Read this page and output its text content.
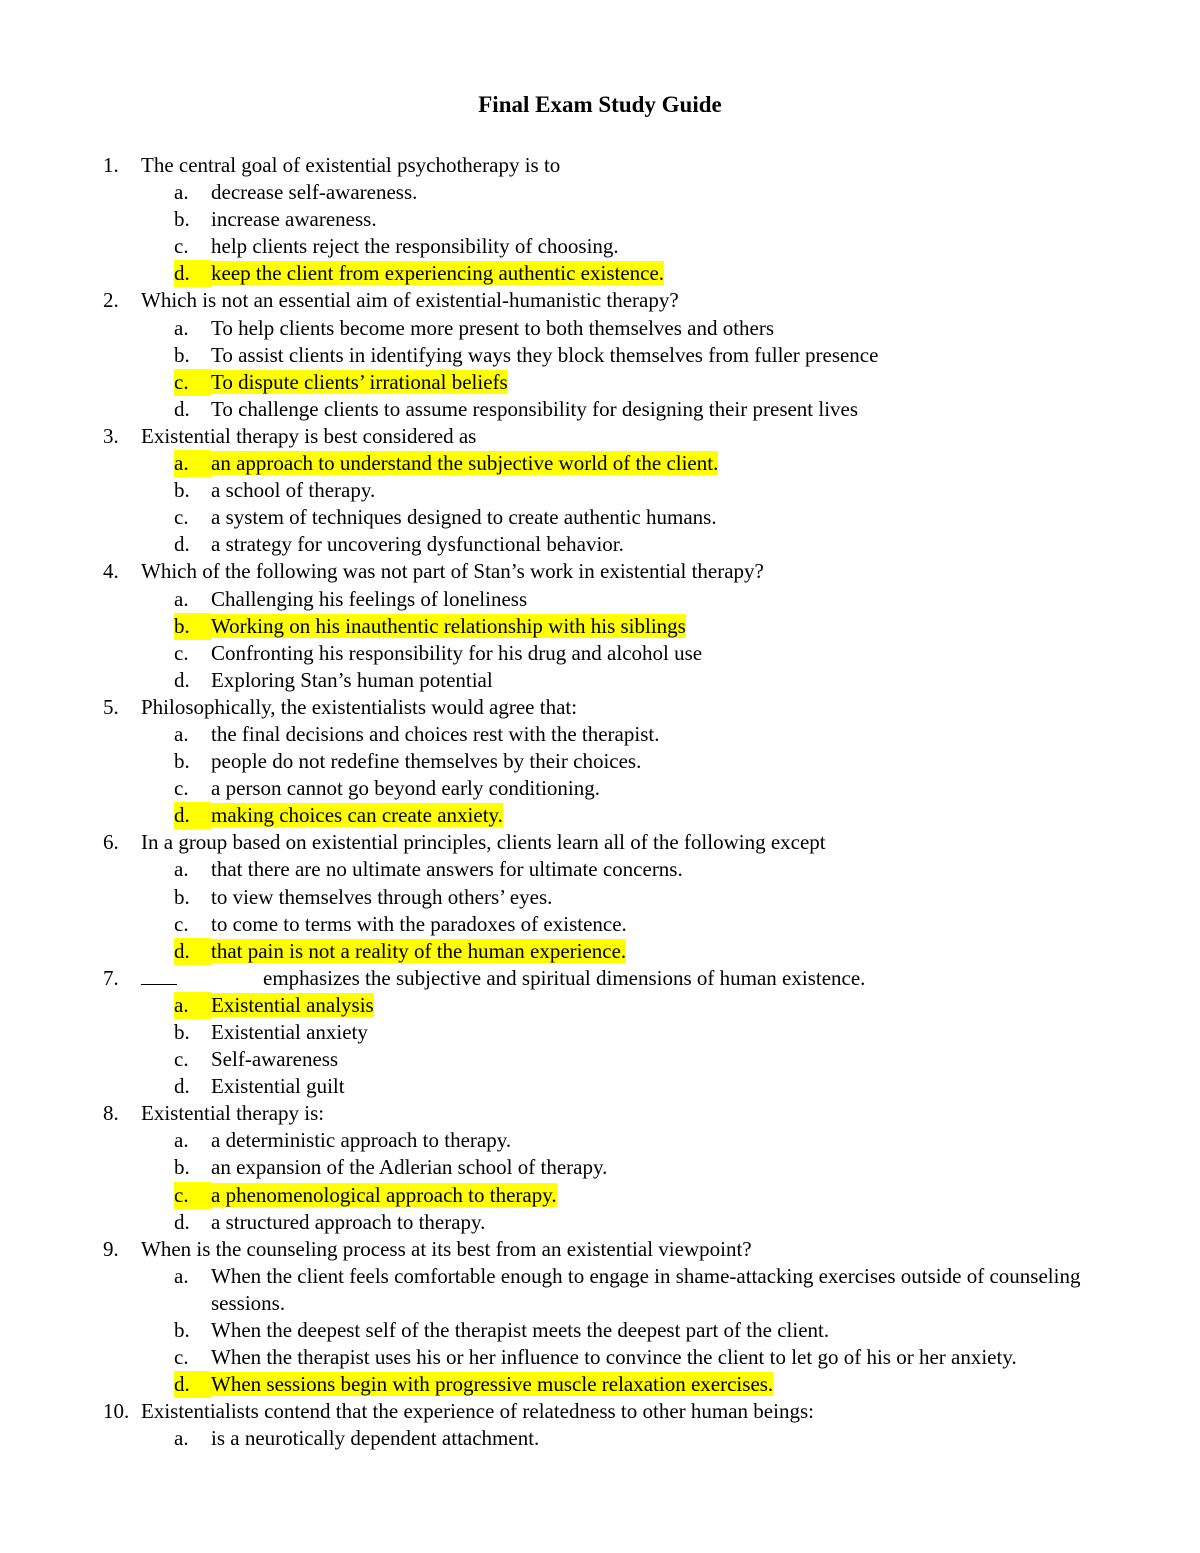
Final Exam Study Guide
1.	The central goal of existential psychotherapy is to
a.	decrease self-awareness.
b.	increase awareness.
c.	help clients reject the responsibility of choosing.
d.	keep the client from experiencing authentic existence.
2.	Which is not an essential aim of existential-humanistic therapy?
a.	To help clients become more present to both themselves and others
b.	To assist clients in identifying ways they block themselves from fuller presence
c.	To dispute clients’ irrational beliefs
d.	To challenge clients to assume responsibility for designing their present lives
3.	Existential therapy is best considered as
a.	an approach to understand the subjective world of the client.
b.	a school of therapy.
c.	a system of techniques designed to create authentic humans.
d.	a strategy for uncovering dysfunctional behavior.
4.	Which of the following was not part of Stan’s work in existential therapy?
a.	Challenging his feelings of loneliness
b.	Working on his inauthentic relationship with his siblings
c.	Confronting his responsibility for his drug and alcohol use
d.	Exploring Stan’s human potential
5.	Philosophically, the existentialists would agree that:
a.	the final decisions and choices rest with the therapist.
b.	people do not redefine themselves by their choices.
c.	a person cannot go beyond early conditioning.
d.	making choices can create anxiety.
6.	In a group based on existential principles, clients learn all of the following except
a.	that there are no ultimate answers for ultimate concerns.
b.	to view themselves through others’ eyes.
c.	to come to terms with the paradoxes of existence.
d.	that pain is not a reality of the human experience.
7.	emphasizes the subjective and spiritual dimensions of human existence.
a.	Existential analysis
b.	Existential anxiety
c.	Self-awareness
d.	Existential guilt
8.	Existential therapy is:
a.	a deterministic approach to therapy.
b.	an expansion of the Adlerian school of therapy.
c.	a phenomenological approach to therapy.
d.	a structured approach to therapy.
9.	When is the counseling process at its best from an existential viewpoint?
a.	When the client feels comfortable enough to engage in shame-attacking exercises outside of counseling sessions.
b.	When the deepest self of the therapist meets the deepest part of the client.
c.	When the therapist uses his or her influence to convince the client to let go of his or her anxiety.
d.	When sessions begin with progressive muscle relaxation exercises.
10. Existentialists contend that the experience of relatedness to other human beings:
a.	is a neurotically dependent attachment.
